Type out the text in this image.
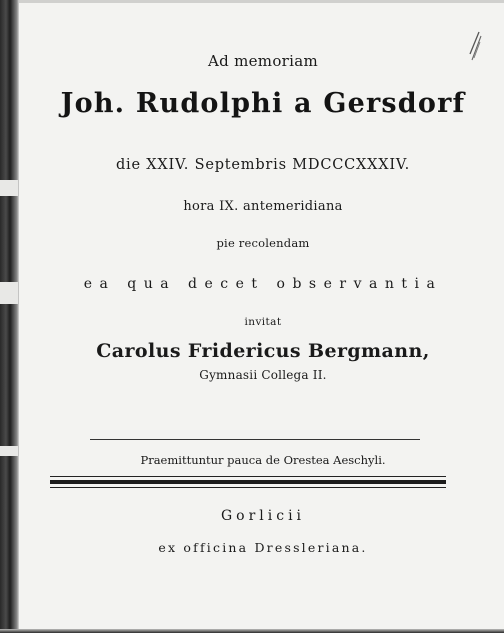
Ad memoriam
Joh. Rudolphi a Gersdorf
die XXIV. Septembris MDCCCXXXIV.
hora IX. antemeridiana
pie recolendam
ea qua decet observantia
invitat
Carolus Fridericus Bergmann,
Gymnasii Collega II.
Praemittuntur pauca de Orestea Aeschyli.
Gorlicii
ex officina Dressleriana.
